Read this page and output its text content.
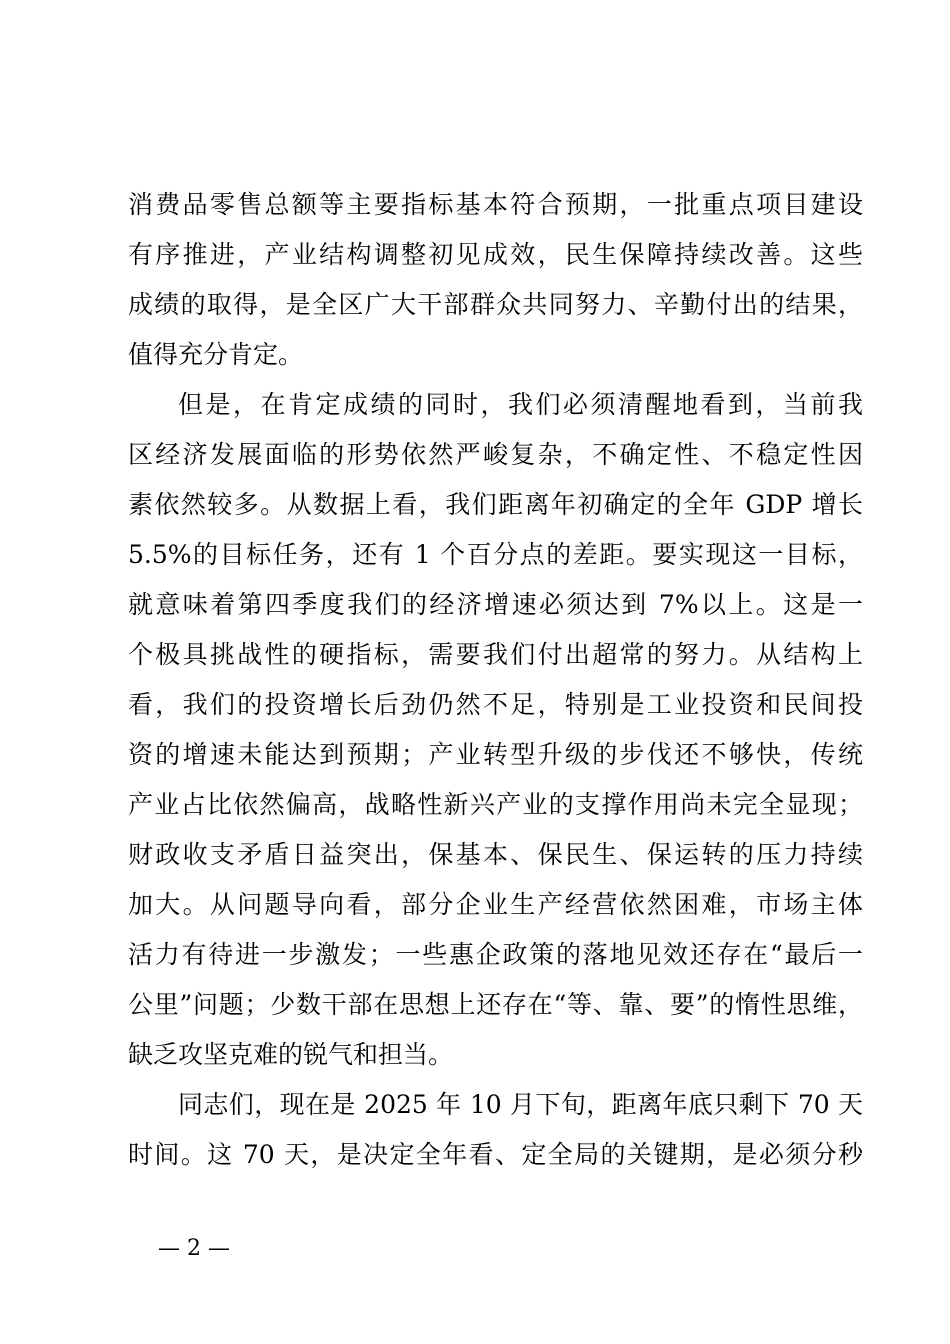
消费品零售总额等主要指标基本符合预期，一批重点项目建设
有序推进，产业结构调整初见成效，民生保障持续改善。这些
成绩的取得，是全区广大干部群众共同努力、辛勤付出的结果，
值得充分肯定。
但是，在肯定成绩的同时，我们必须清醒地看到，当前我
区经济发展面临的形势依然严峻复杂，不确定性、不稳定性因
素依然较多。从数据上看，我们距离年初确定的全年 GDP 增长
5.5%的目标任务，还有 1 个百分点的差距。要实现这一目标，
就意味着第四季度我们的经济增速必须达到 7%以上。这是一
个极具挑战性的硬指标，需要我们付出超常的努力。从结构上
看，我们的投资增长后劲仍然不足，特别是工业投资和民间投
资的增速未能达到预期；产业转型升级的步伐还不够快，传统
产业占比依然偏高，战略性新兴产业的支撑作用尚未完全显现；
财政收支矛盾日益突出，保基本、保民生、保运转的压力持续
加大。从问题导向看，部分企业生产经营依然困难，市场主体
活力有待进一步激发；一些惠企政策的落地见效还存在“最后一
公里”问题；少数干部在思想上还存在“等、靠、要”的惰性思维，
缺乏攻坚克难的锐气和担当。
同志们，现在是 2025 年 10 月下旬，距离年底只剩下 70 天
时间。这 70 天，是决定全年看、定全局的关键期，是必须分秒
— 2 —
